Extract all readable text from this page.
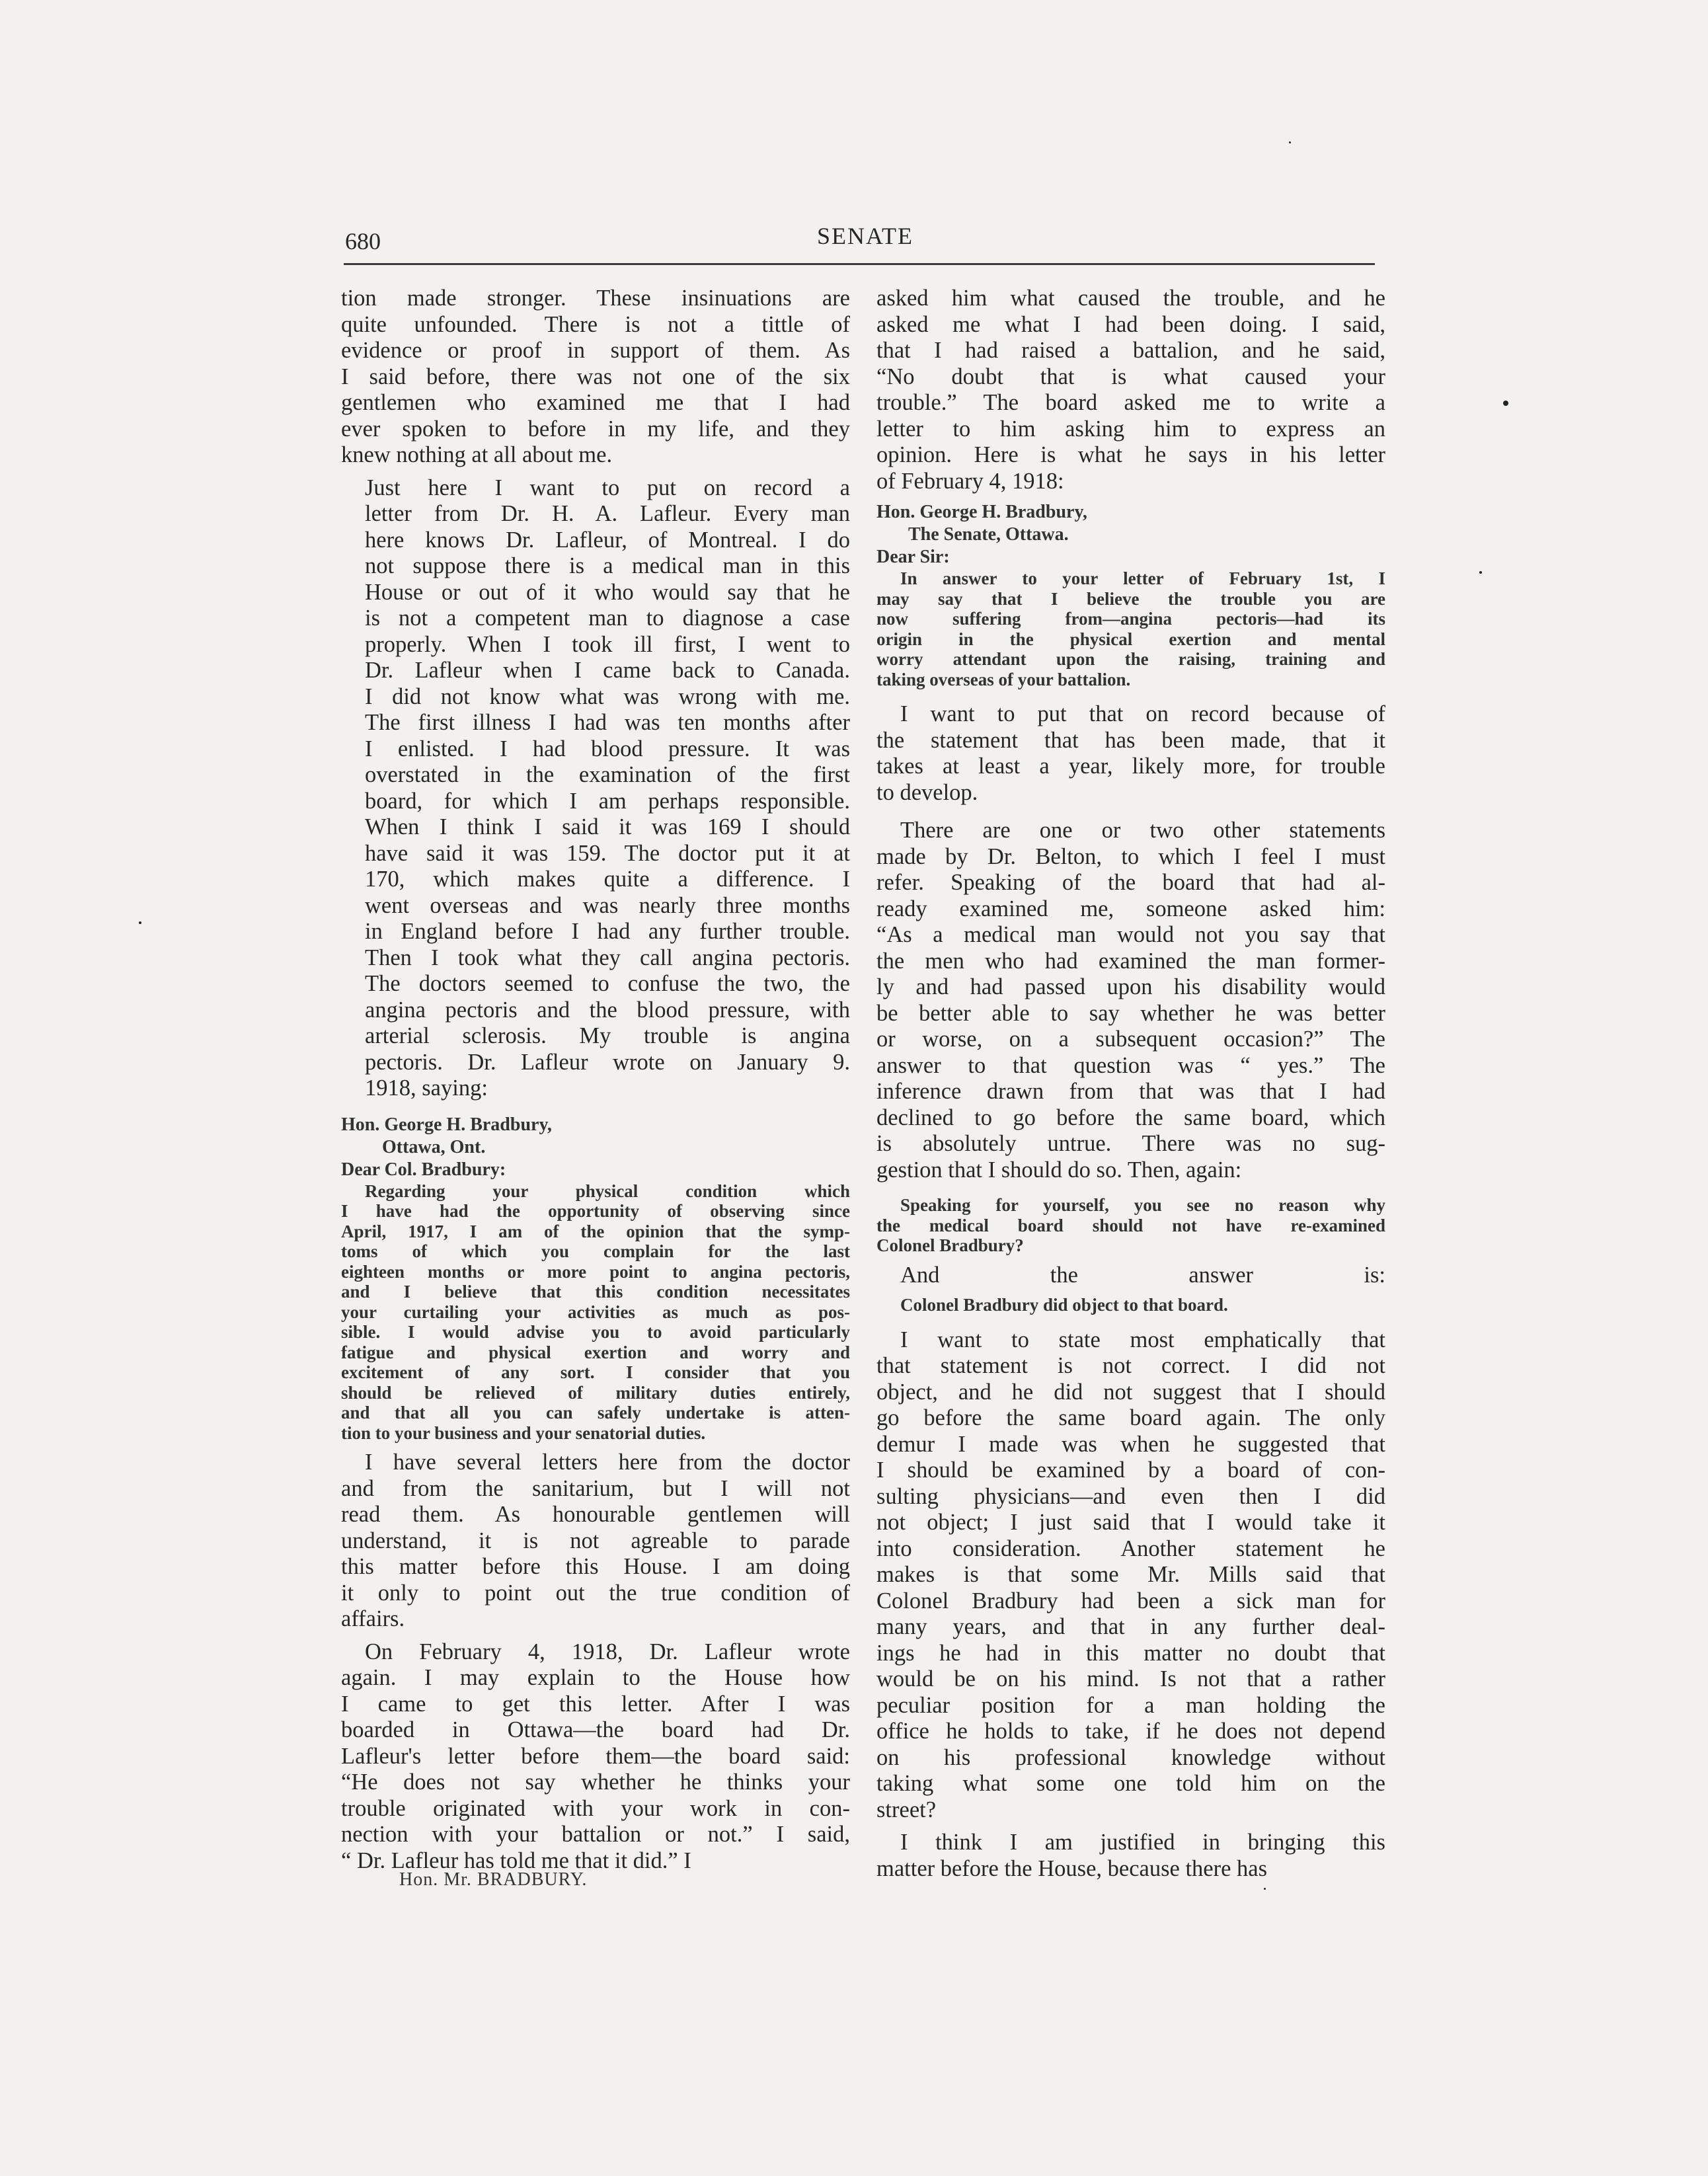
680	SENATE
tion made stronger. These insinuations are
quite unfounded. There is not a tittle of
evidence or proof in support of them. As
I said before, there was not one of the six
gentlemen who examined me that I had
ever spoken to before in my life, and they
knew nothing at all about me.
Just here I want to put on record a
letter from Dr. H. A. Lafleur. Every man
here knows Dr. Lafleur, of Montreal. I do
not suppose there is a medical man in this
House or out of it who would say that he
is not a competent man to diagnose a case
properly. When I took ill first, I went to
Dr. Lafleur when I came back to Canada.
I did not know what was wrong with me.
The first illness I had was ten months after
I enlisted. I had blood pressure. It was
overstated in the examination of the first
board, for which I am perhaps responsible.
When I think I said it was 169 I should
have said it was 159. The doctor put it at
170, which makes quite a difference. I
went overseas and was nearly three months
in England before I had any further trouble.
Then I took what they call angina pectoris.
The doctors seemed to confuse the two, the
angina pectoris and the blood pressure, with
arterial sclerosis. My trouble is angina
pectoris. Dr. Lafleur wrote on January 9.
1918, saying:
Hon. George H. Bradbury,
Ottawa, Ont.
Dear Col. Bradbury:
Regarding your physical condition which
I have had the opportunity of observing since
April, 1917, I am of the opinion that the symp-
toms of which you complain for the last
eighteen months or more point to angina pectoris,
and I believe that this condition necessitates
your curtailing your activities as much as pos-
sible. I would advise you to avoid particularly
fatigue and physical exertion and worry and
excitement of any sort. I consider that you
should be relieved of military duties entirely,
and that all you can safely undertake is atten-
tion to your business and your senatorial duties.
I have several letters here from the doctor
and from the sanitarium, but I will not
read them. As honourable gentlemen will
understand, it is not agreable to parade
this matter before this House. I am doing
it only to point out the true condition of
affairs.
On February 4, 1918, Dr. Lafleur wrote
again. I may explain to the House how
I came to get this letter. After I was
boarded in Ottawa—the board had Dr.
Lafleur's letter before them—the board said:
“He does not say whether he thinks your
trouble originated with your work in con-
nection with your battalion or not.” I said,
“ Dr. Lafleur has told me that it did.” I
Hon. Mr. BRADBURY.
asked him what caused the trouble, and he
asked me what I had been doing. I said,
that I had raised a battalion, and he said,
“No doubt that is what caused your
trouble.” The board asked me to write a
letter to him asking him to express an
opinion. Here is what he says in his letter
of February 4, 1918:
Hon. George H. Bradbury,
The Senate, Ottawa.
Dear Sir:
In answer to your letter of February 1st, I
may say that I believe the trouble you are
now suffering from—angina pectoris—had its
origin in the physical exertion and mental
worry attendant upon the raising, training and
taking overseas of your battalion.
I want to put that on record because of
the statement that has been made, that it
takes at least a year, likely more, for trouble
to develop.
There are one or two other statements
made by Dr. Belton, to which I feel I must
refer. Speaking of the board that had al-
ready examined me, someone asked him:
“As a medical man would not you say that
the men who had examined the man former-
ly and had passed upon his disability would
be better able to say whether he was better
or worse, on a subsequent occasion?” The
answer to that question was “ yes.” The
inference drawn from that was that I had
declined to go before the same board, which
is absolutely untrue. There was no sug-
gestion that I should do so. Then, again:
Speaking for yourself, you see no reason why
the medical board should not have re-examined
Colonel Bradbury?
And the answer is:
Colonel Bradbury did object to that board.
I want to state most emphatically that
that statement is not correct. I did not
object, and he did not suggest that I should
go before the same board again. The only
demur I made was when he suggested that
I should be examined by a board of con-
sulting physicians—and even then I did
not object; I just said that I would take it
into consideration. Another statement he
makes is that some Mr. Mills said that
Colonel Bradbury had been a sick man for
many years, and that in any further deal-
ings he had in this matter no doubt that
would be on his mind. Is not that a rather
peculiar position for a man holding the
office he holds to take, if he does not depend
on his professional knowledge without
taking what some one told him on the
street?
I think I am justified in bringing this
matter before the House, because there has
